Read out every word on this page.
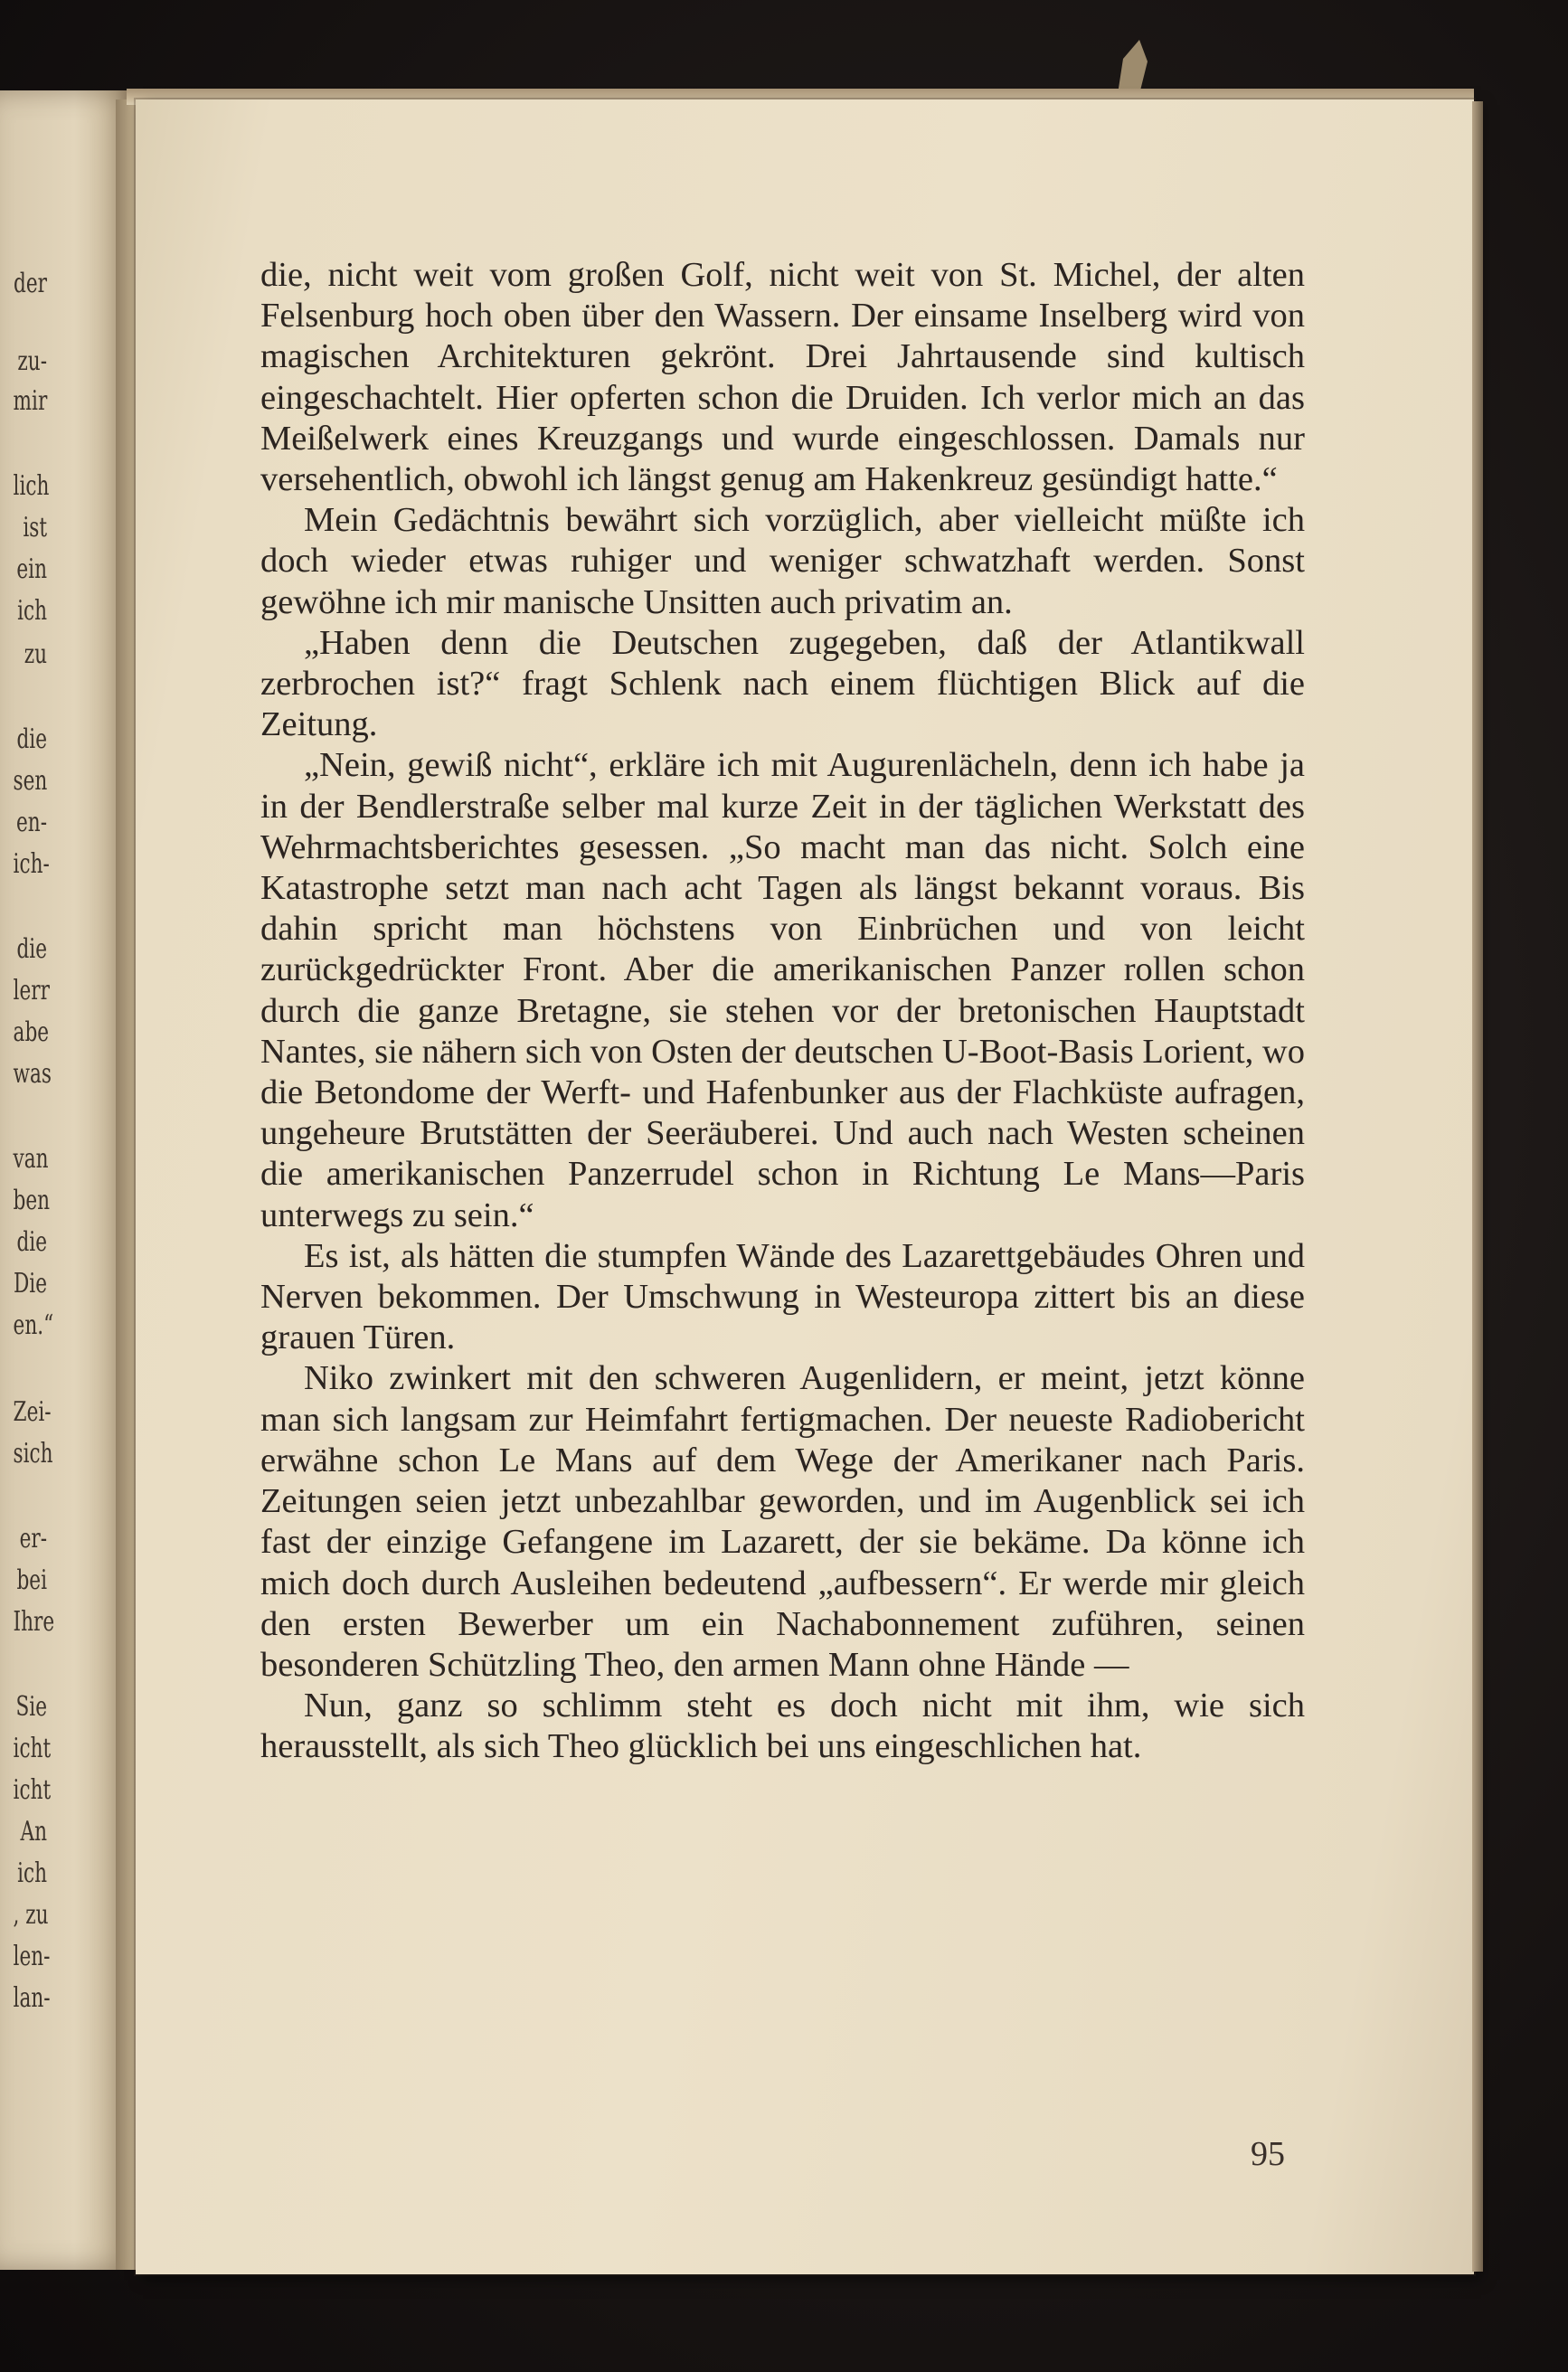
der
zu-
mir
lich
ist
ein
ich
zu
die
sen
en-
ich-
die
lerr
abe
was
van
ben
die
Die
en.“
Zei-
sich
er-
bei
Ihre
Sie
icht
icht
An
ich
, zu
len-
lan-

die, nicht weit vom großen Golf, nicht weit von St. Michel, der alten Felsenburg hoch oben über den Wassern. Der einsame Inselberg wird von magischen Architekturen gekrönt. Drei Jahrtausende sind kultisch eingeschachtelt. Hier opferten schon die Druiden. Ich verlor mich an das Meißelwerk eines Kreuzgangs und wurde eingeschlossen. Damals nur versehentlich, obwohl ich längst genug am Hakenkreuz gesündigt hatte.“

Mein Gedächtnis bewährt sich vorzüglich, aber vielleicht müßte ich doch wieder etwas ruhiger und weniger schwatzhaft werden. Sonst gewöhne ich mir manische Unsitten auch privatim an.

„Haben denn die Deutschen zugegeben, daß der Atlantikwall zerbrochen ist?“ fragt Schlenk nach einem flüchtigen Blick auf die Zeitung.

„Nein, gewiß nicht“, erkläre ich mit Augurenlächeln, denn ich habe ja in der Bendlerstraße selber mal kurze Zeit in der täglichen Werkstatt des Wehrmachtsberichtes gesessen. „So macht man das nicht. Solch eine Katastrophe setzt man nach acht Tagen als längst bekannt voraus. Bis dahin spricht man höchstens von Einbrüchen und von leicht zurückgedrückter Front. Aber die amerikanischen Panzer rollen schon durch die ganze Bretagne, sie stehen vor der bretonischen Hauptstadt Nantes, sie nähern sich von Osten der deutschen U-Boot-Basis Lorient, wo die Betondome der Werft- und Hafenbunker aus der Flachküste aufragen, ungeheure Brutstätten der Seeräuberei. Und auch nach Westen scheinen die amerikanischen Panzerrudel schon in Richtung Le Mans—Paris unterwegs zu sein.“

Es ist, als hätten die stumpfen Wände des Lazarettgebäudes Ohren und Nerven bekommen. Der Umschwung in Westeuropa zittert bis an diese grauen Türen.

Niko zwinkert mit den schweren Augenlidern, er meint, jetzt könne man sich langsam zur Heimfahrt fertigmachen. Der neueste Radiobericht erwähne schon Le Mans auf dem Wege der Amerikaner nach Paris. Zeitungen seien jetzt unbezahlbar geworden, und im Augenblick sei ich fast der einzige Gefangene im Lazarett, der sie bekäme. Da könne ich mich doch durch Ausleihen bedeutend „aufbessern“. Er werde mir gleich den ersten Bewerber um ein Nachabonnement zuführen, seinen besonderen Schützling Theo, den armen Mann ohne Hände —

Nun, ganz so schlimm steht es doch nicht mit ihm, wie sich herausstellt, als sich Theo glücklich bei uns eingeschlichen hat.

95
